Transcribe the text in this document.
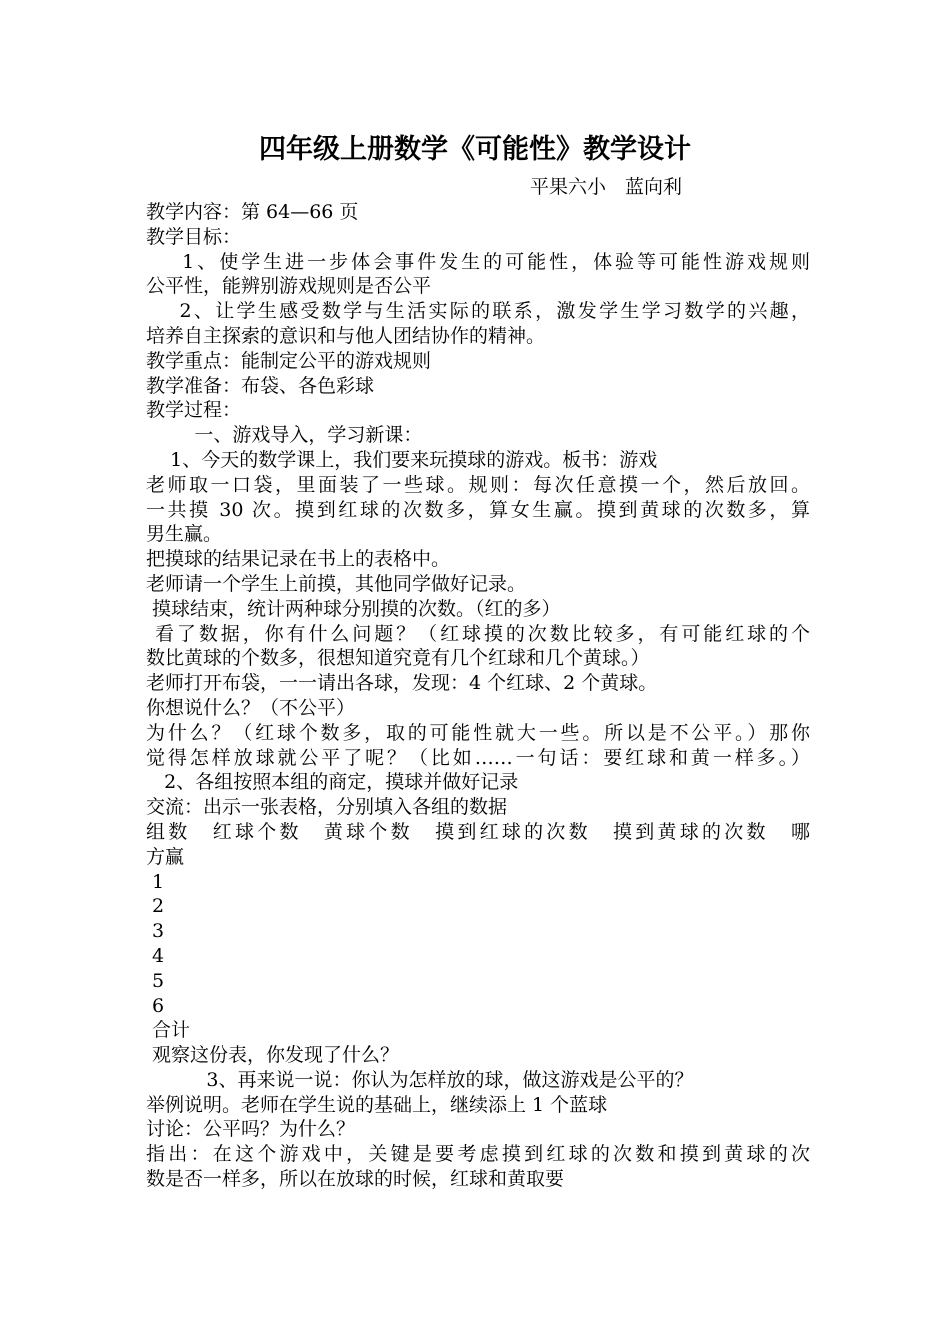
四年级上册数学《可能性》教学设计
平果六小　蓝向利
教学内容：第 64—66 页
教学目标：
1、使学生进一步体会事件发生的可能性，体验等可能性游戏规则
公平性，能辨别游戏规则是否公平
2、让学生感受数学与生活实际的联系，激发学生学习数学的兴趣，
培养自主探索的意识和与他人团结协作的精神。
教学重点：能制定公平的游戏规则
教学准备：布袋、各色彩球
教学过程：
一、游戏导入，学习新课：
1、今天的数学课上，我们要来玩摸球的游戏。板书：游戏
老师取一口袋，里面装了一些球。规则：每次任意摸一个，然后放回。
一共摸 30 次。摸到红球的次数多，算女生赢。摸到黄球的次数多，算
男生赢。
把摸球的结果记录在书上的表格中。
老师请一个学生上前摸，其他同学做好记录。
摸球结束，统计两种球分别摸的次数。（红的多）
看了数据，你有什么问题？（红球摸的次数比较多，有可能红球的个
数比黄球的个数多，很想知道究竟有几个红球和几个黄球。）
老师打开布袋，一一请出各球，发现：4 个红球、2 个黄球。
你想说什么？（不公平）
为什么？（红球个数多，取的可能性就大一些。所以是不公平。）那你
觉得怎样放球就公平了呢？（比如……一句话：要红球和黄一样多。）
2、各组按照本组的商定，摸球并做好记录
交流：出示一张表格，分别填入各组的数据
组数　红球个数　黄球个数　摸到红球的次数　摸到黄球的次数　哪
方赢
1
2
3
4
5
6
合计
观察这份表，你发现了什么？
3、再来说一说：你认为怎样放的球，做这游戏是公平的？
举例说明。老师在学生说的基础上，继续添上 1 个蓝球
讨论：公平吗？为什么？
指出：在这个游戏中，关键是要考虑摸到红球的次数和摸到黄球的次
数是否一样多，所以在放球的时候，红球和黄取要
